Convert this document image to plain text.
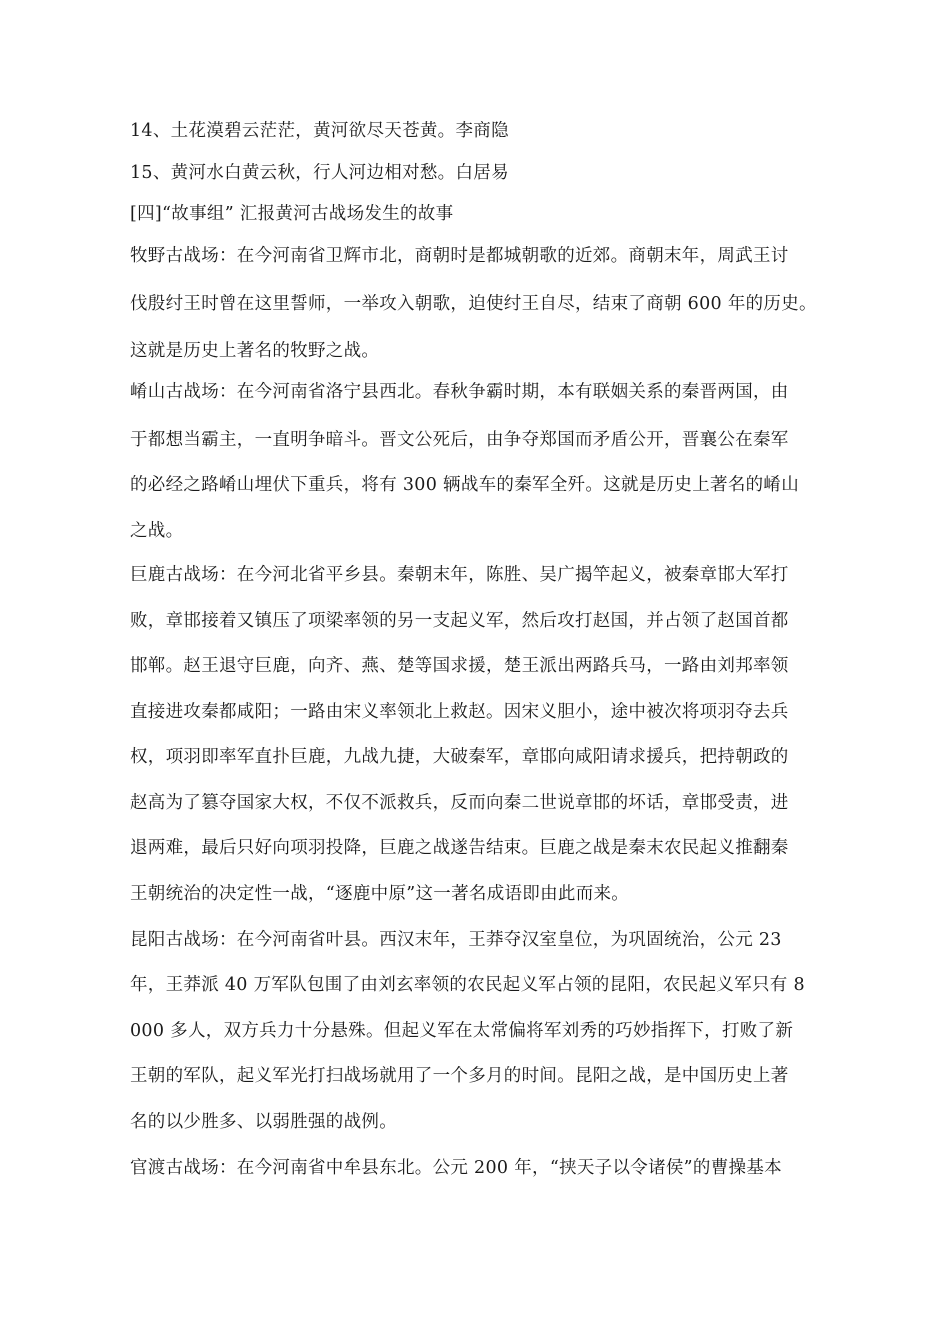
14、土花漠碧云茫茫，黄河欲尽天苍黄。李商隐
15、黄河水白黄云秋，行人河边相对愁。白居易
[四]“故事组” 汇报黄河古战场发生的故事
牧野古战场：在今河南省卫辉市北，商朝时是都城朝歌的近郊。商朝末年，周武王讨
伐殷纣王时曾在这里誓师，一举攻入朝歌，迫使纣王自尽，结束了商朝 600 年的历史。
这就是历史上著名的牧野之战。
崤山古战场：在今河南省洛宁县西北。春秋争霸时期，本有联姻关系的秦晋两国，由
于都想当霸主，一直明争暗斗。晋文公死后，由争夺郑国而矛盾公开，晋襄公在秦军
的必经之路崤山埋伏下重兵，将有 300 辆战车的秦军全歼。这就是历史上著名的崤山
之战。
巨鹿古战场：在今河北省平乡县。秦朝末年，陈胜、吴广揭竿起义，被秦章邯大军打
败，章邯接着又镇压了项梁率领的另一支起义军，然后攻打赵国，并占领了赵国首都
邯郸。赵王退守巨鹿，向齐、燕、楚等国求援，楚王派出两路兵马，一路由刘邦率领
直接进攻秦都咸阳；一路由宋义率领北上救赵。因宋义胆小，途中被次将项羽夺去兵
权，项羽即率军直扑巨鹿，九战九捷，大破秦军，章邯向咸阳请求援兵，把持朝政的
赵高为了篡夺国家大权，不仅不派救兵，反而向秦二世说章邯的坏话，章邯受责，进
退两难，最后只好向项羽投降，巨鹿之战遂告结束。巨鹿之战是秦末农民起义推翻秦
王朝统治的决定性一战，“逐鹿中原”这一著名成语即由此而来。
昆阳古战场：在今河南省叶县。西汉末年，王莽夺汉室皇位，为巩固统治，公元 23
年，王莽派 40 万军队包围了由刘玄率领的农民起义军占领的昆阳，农民起义军只有 8
000 多人，双方兵力十分悬殊。但起义军在太常偏将军刘秀的巧妙指挥下，打败了新
王朝的军队，起义军光打扫战场就用了一个多月的时间。昆阳之战，是中国历史上著
名的以少胜多、以弱胜强的战例。
官渡古战场：在今河南省中牟县东北。公元 200 年，“挟天子以令诸侯”的曹操基本
